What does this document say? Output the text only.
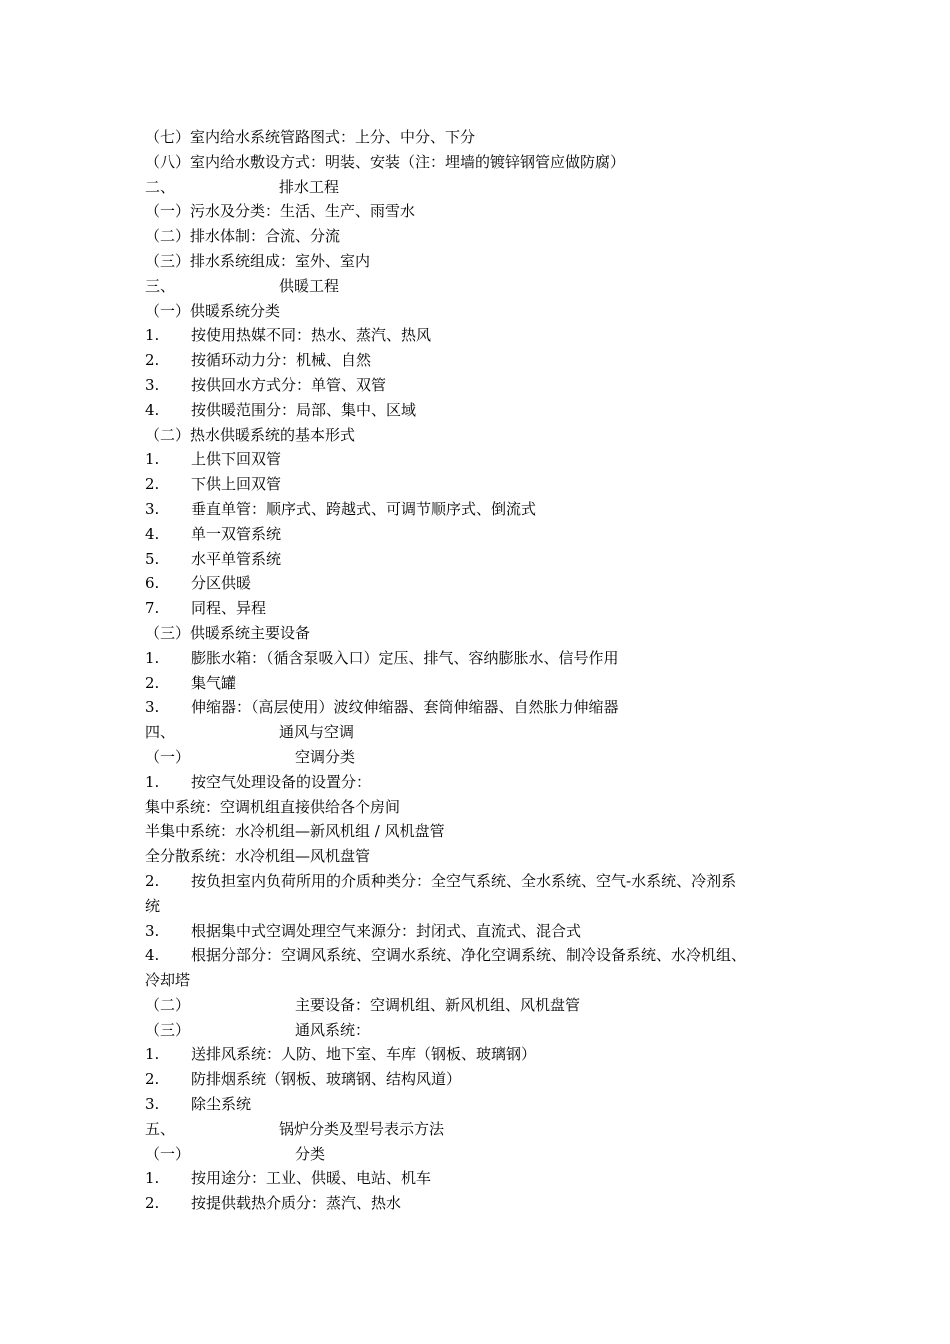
（七）室内给水系统管路图式：上分、中分、下分
（八）室内给水敷设方式：明装、安装（注：埋墙的镀锌钢管应做防腐）
二、	排水工程
（一）污水及分类：生活、生产、雨雪水
（二）排水体制：合流、分流
（三）排水系统组成：室外、室内
三、	供暖工程
（一）供暖系统分类
1. 按使用热媒不同：热水、蒸汽、热风
2. 按循环动力分：机械、自然
3. 按供回水方式分：单管、双管
4. 按供暖范围分：局部、集中、区域
（二）热水供暖系统的基本形式
1. 上供下回双管
2. 下供上回双管
3. 垂直单管：顺序式、跨越式、可调节顺序式、倒流式
4. 单一双管系统
5. 水平单管系统
6. 分区供暖
7. 同程、异程
（三）供暖系统主要设备
1. 膨胀水箱：（循含泵吸入口）定压、排气、容纳膨胀水、信号作用
2. 集气罐
3. 伸缩器：（高层使用）波纹伸缩器、套筒伸缩器、自然胀力伸缩器
四、	通风与空调
（一）	空调分类
1. 按空气处理设备的设置分：
集中系统：空调机组直接供给各个房间
半集中系统：水冷机组—新风机组 / 风机盘管
全分散系统：水冷机组—风机盘管
2. 按负担室内负荷所用的介质种类分：全空气系统、全水系统、空气-水系统、冷剂系
统
3. 根据集中式空调处理空气来源分：封闭式、直流式、混合式
4. 根据分部分：空调风系统、空调水系统、净化空调系统、制冷设备系统、水冷机组、
冷却塔
（二）	主要设备：空调机组、新风机组、风机盘管
（三）	通风系统：
1. 送排风系统：人防、地下室、车库（钢板、玻璃钢）
2. 防排烟系统（钢板、玻璃钢、结构风道）
3. 除尘系统
五、	锅炉分类及型号表示方法
（一）	分类
1. 按用途分：工业、供暖、电站、机车
2. 按提供载热介质分：蒸汽、热水
